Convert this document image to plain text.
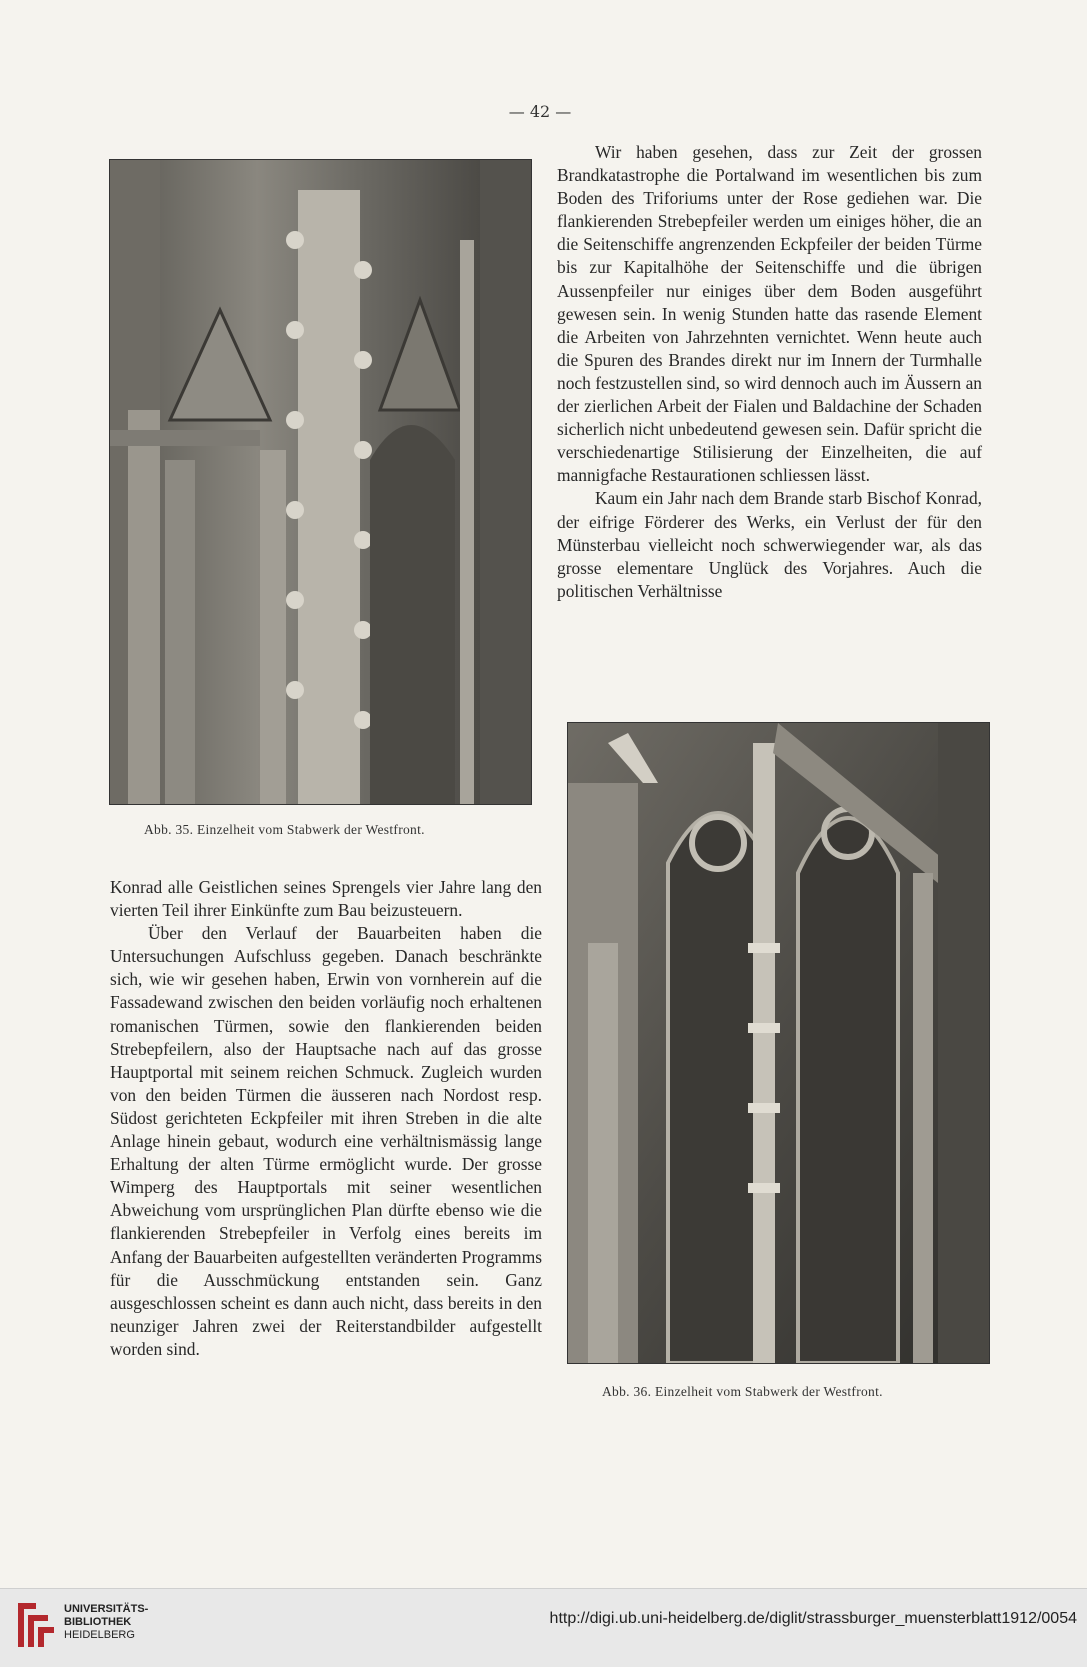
— 42 —

Wir haben gesehen, dass zur Zeit der grossen Brandkatastrophe die Portalwand im wesentlichen bis zum Boden des Triforiums unter der Rose gediehen war. Die flankierenden Strebepfeiler werden um einiges höher, die an die Seitenschiffe angrenzenden Eckpfeiler der beiden Türme bis zur Kapitalhöhe der Seitenschiffe und die übrigen Aussenpfeiler nur einiges über dem Boden ausgeführt gewesen sein. In wenig Stunden hatte das rasende Element die Arbeiten von Jahrzehnten vernichtet. Wenn heute auch die Spuren des Brandes direkt nur im Innern der Turmhalle noch festzustellen sind, so wird dennoch auch im Äussern an der zierlichen Arbeit der Fialen und Baldachine der Schaden sicherlich nicht unbedeutend gewesen sein. Dafür spricht die verschiedenartige Stilisierung der Einzelheiten, die auf mannigfache Restaurationen schliessen lässt.

Kaum ein Jahr nach dem Brande starb Bischof Konrad, der eifrige Förderer des Werks, ein Verlust der für den Münsterbau vielleicht noch schwerwiegender war, als das grosse elementare Unglück des Vorjahres. Auch die politischen Verhältnisse

Abb. 35. Einzelheit vom Stabwerk der Westfront.

Konrad alle Geistlichen seines Sprengels vier Jahre lang den vierten Teil ihrer Einkünfte zum Bau beizusteuern.

Über den Verlauf der Bauarbeiten haben die Untersuchungen Aufschluss gegeben. Danach beschränkte sich, wie wir gesehen haben, Erwin von vornherein auf die Fassadewand zwischen den beiden vorläufig noch erhaltenen romanischen Türmen, sowie den flankierenden beiden Strebepfeilern, also der Hauptsache nach auf das grosse Hauptportal mit seinem reichen Schmuck. Zugleich wurden von den beiden Türmen die äusseren nach Nordost resp. Südost gerichteten Eckpfeiler mit ihren Streben in die alte Anlage hinein gebaut, wodurch eine verhältnismässig lange Erhaltung der alten Türme ermöglicht wurde. Der grosse Wimperg des Hauptportals mit seiner wesentlichen Abweichung vom ursprünglichen Plan dürfte ebenso wie die flankierenden Strebepfeiler in Verfolg eines bereits im Anfang der Bauarbeiten aufgestellten veränderten Programms für die Ausschmückung entstanden sein. Ganz ausgeschlossen scheint es dann auch nicht, dass bereits in den neunziger Jahren zwei der Reiterstandbilder aufgestellt worden sind.

Abb. 36. Einzelheit vom Stabwerk der Westfront.
UNIVERSITÄTS-
BIBLIOTHEK
HEIDELBERG
http://digi.ub.uni-heidelberg.de/diglit/strassburger_muensterblatt1912/0054
